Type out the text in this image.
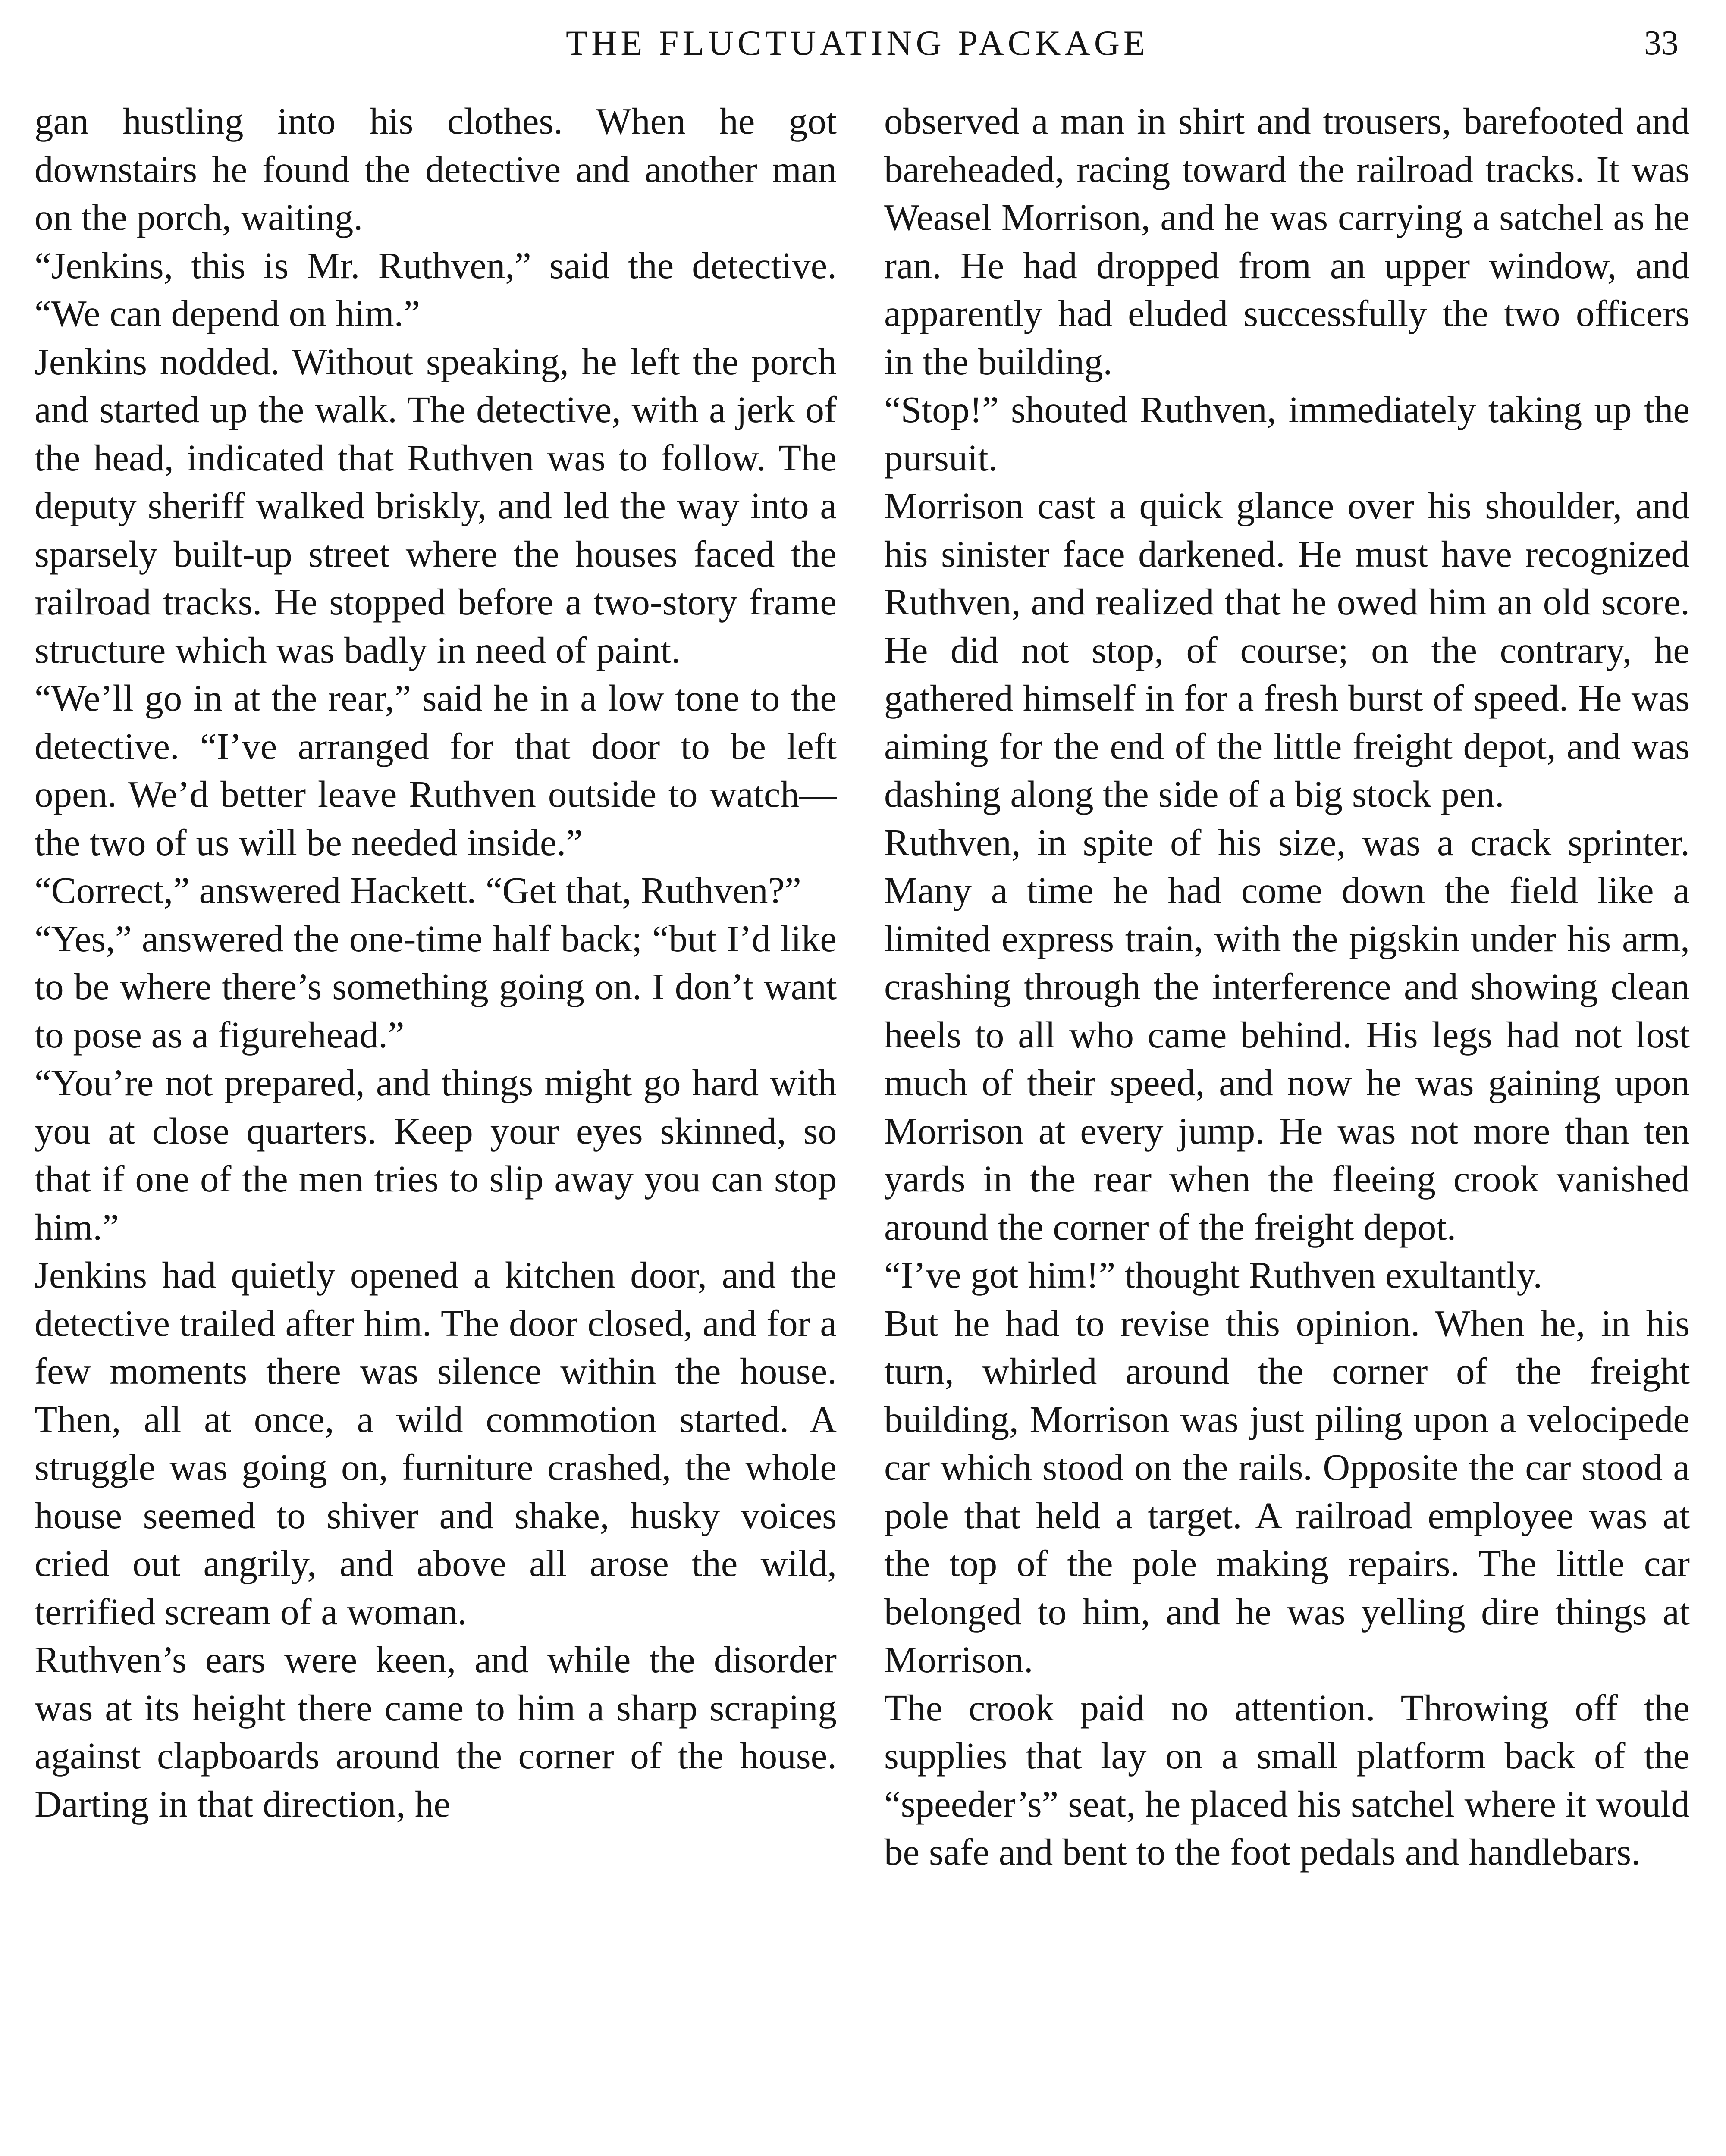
THE FLUCTUATING PACKAGE	33

gan hustling into his clothes. When he got downstairs he found the detective and another man on the porch, waiting.

“Jenkins, this is Mr. Ruthven,” said the detective. “We can depend on him.”

Jenkins nodded. Without speaking, he left the porch and started up the walk. The detective, with a jerk of the head, indicated that Ruthven was to follow. The deputy sheriff walked briskly, and led the way into a sparsely built-up street where the houses faced the railroad tracks. He stopped before a two-story frame structure which was badly in need of paint.

“We’ll go in at the rear,” said he in a low tone to the detective. “I’ve arranged for that door to be left open. We’d better leave Ruthven outside to watch—the two of us will be needed inside.”

“Correct,” answered Hackett. “Get that, Ruthven?”

“Yes,” answered the one-time half back; “but I’d like to be where there’s something going on. I don’t want to pose as a figurehead.”

“You’re not prepared, and things might go hard with you at close quarters. Keep your eyes skinned, so that if one of the men tries to slip away you can stop him.”

Jenkins had quietly opened a kitchen door, and the detective trailed after him. The door closed, and for a few moments there was silence within the house. Then, all at once, a wild commotion started. A struggle was going on, furniture crashed, the whole house seemed to shiver and shake, husky voices cried out angrily, and above all arose the wild, terrified scream of a woman.

Ruthven’s ears were keen, and while the disorder was at its height there came to him a sharp scraping against clapboards around the corner of the house. Darting in that direction, he

observed a man in shirt and trousers, barefooted and bareheaded, racing toward the railroad tracks. It was Weasel Morrison, and he was carrying a satchel as he ran. He had dropped from an upper window, and apparently had eluded successfully the two officers in the building.

“Stop!” shouted Ruthven, immediately taking up the pursuit.

Morrison cast a quick glance over his shoulder, and his sinister face darkened. He must have recognized Ruthven, and realized that he owed him an old score. He did not stop, of course; on the contrary, he gathered himself in for a fresh burst of speed. He was aiming for the end of the little freight depot, and was dashing along the side of a big stock pen.

Ruthven, in spite of his size, was a crack sprinter. Many a time he had come down the field like a limited express train, with the pigskin under his arm, crashing through the interference and showing clean heels to all who came behind. His legs had not lost much of their speed, and now he was gaining upon Morrison at every jump. He was not more than ten yards in the rear when the fleeing crook vanished around the corner of the freight depot.

“I’ve got him!” thought Ruthven exultantly.

But he had to revise this opinion. When he, in his turn, whirled around the corner of the freight building, Morrison was just piling upon a velocipede car which stood on the rails. Opposite the car stood a pole that held a target. A railroad employee was at the top of the pole making repairs. The little car belonged to him, and he was yelling dire things at Morrison.

The crook paid no attention. Throwing off the supplies that lay on a small platform back of the “speeder’s” seat, he placed his satchel where it would be safe and bent to the foot pedals and handlebars.
